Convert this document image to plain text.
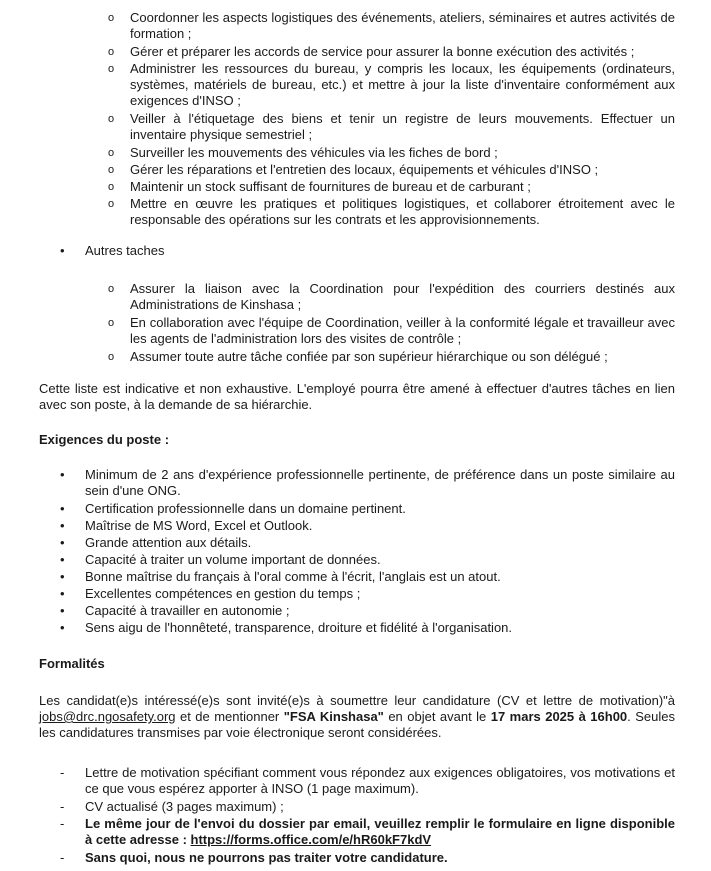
o Coordonner les aspects logistiques des événements, ateliers, séminaires et autres activités de formation ;
o Gérer et préparer les accords de service pour assurer la bonne exécution des activités ;
o Administrer les ressources du bureau, y compris les locaux, les équipements (ordinateurs, systèmes, matériels de bureau, etc.) et mettre à jour la liste d'inventaire conformément aux exigences d'INSO ;
o Veiller à l'étiquetage des biens et tenir un registre de leurs mouvements. Effectuer un inventaire physique semestriel ;
o Surveiller les mouvements des véhicules via les fiches de bord ;
o Gérer les réparations et l'entretien des locaux, équipements et véhicules d'INSO ;
o Maintenir un stock suffisant de fournitures de bureau et de carburant ;
o Mettre en œuvre les pratiques et politiques logistiques, et collaborer étroitement avec le responsable des opérations sur les contrats et les approvisionnements.
• Autres taches
o Assurer la liaison avec la Coordination pour l'expédition des courriers destinés aux Administrations de Kinshasa ;
o En collaboration avec l'équipe de Coordination, veiller à la conformité légale et travailleur avec les agents de l'administration lors des visites de contrôle ;
o Assumer toute autre tâche confiée par son supérieur hiérarchique ou son délégué ;
Cette liste est indicative et non exhaustive. L'employé pourra être amené à effectuer d'autres tâches en lien avec son poste, à la demande de sa hiérarchie.
Exigences du poste :
• Minimum de 2 ans d'expérience professionnelle pertinente, de préférence dans un poste similaire au sein d'une ONG.
• Certification professionnelle dans un domaine pertinent.
• Maîtrise de MS Word, Excel et Outlook.
• Grande attention aux détails.
• Capacité à traiter un volume important de données.
• Bonne maîtrise du français à l'oral comme à l'écrit, l'anglais est un atout.
• Excellentes compétences en gestion du temps ;
• Capacité à travailler en autonomie ;
• Sens aigu de l'honnêteté, transparence, droiture et fidélité à l'organisation.
Formalités
Les candidat(e)s intéressé(e)s sont invité(e)s à soumettre leur candidature (CV et lettre de motivation)"à jobs@drc.ngosafety.org et de mentionner "FSA Kinshasa" en objet avant le 17 mars 2025 à 16h00. Seules les candidatures transmises par voie électronique seront considérées.
- Lettre de motivation spécifiant comment vous répondez aux exigences obligatoires, vos motivations et ce que vous espérez apporter à INSO (1 page maximum).
- CV actualisé (3 pages maximum) ;
- Le même jour de l'envoi du dossier par email, veuillez remplir le formulaire en ligne disponible à cette adresse : https://forms.office.com/e/hR60kF7kdV
- Sans quoi, nous ne pourrons pas traiter votre candidature.
